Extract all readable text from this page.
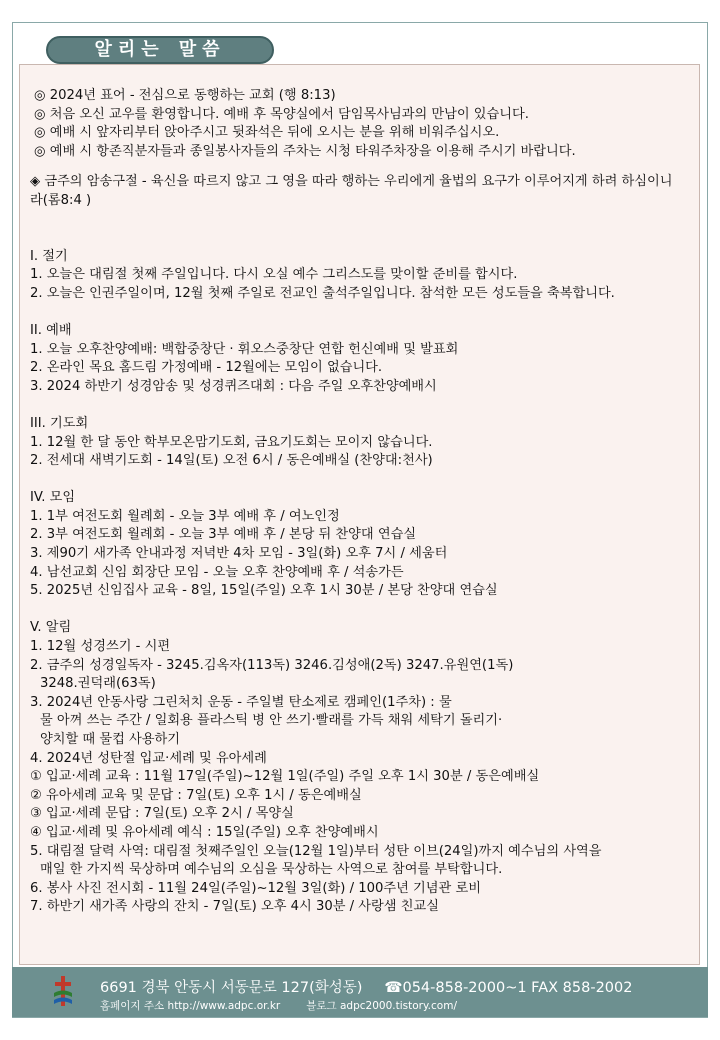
알리는 말씀
◎ 2024년 표어 - 전심으로 동행하는 교회 (행 8:13)
◎ 처음 오신 교우를 환영합니다. 예배 후 목양실에서 담임목사님과의 만남이 있습니다.
◎ 예배 시 앞자리부터 앉아주시고 뒷좌석은 뒤에 오시는 분을 위해 비워주십시오.
◎ 예배 시 항존직분자들과 종일봉사자들의 주차는 시청 타워주차장을 이용해 주시기 바랍니다.
◈ 금주의 암송구절 - 육신을 따르지 않고 그 영을 따라 행하는 우리에게 율법의 요구가 이루어지게 하려 하심이니라(롬8:4 )
I. 절기
1. 오늘은 대림절 첫째 주일입니다. 다시 오실 예수 그리스도를 맞이할 준비를 합시다.
2. 오늘은 인권주일이며, 12월 첫째 주일로 전교인 출석주일입니다. 참석한 모든 성도들을 축복합니다.
II. 예배
1. 오늘 오후찬양예배: 백합중창단 · 휘오스중창단 연합 헌신예배 및 발표회
2. 온라인 목요 홈드림 가정예배 - 12월에는 모임이 없습니다.
3. 2024 하반기 성경암송 및 성경퀴즈대회 : 다음 주일 오후찬양예배시
III. 기도회
1. 12월 한 달 동안 학부모온맘기도회, 금요기도회는 모이지 않습니다.
2. 전세대 새벽기도회 - 14일(토) 오전 6시 / 동은예배실 (찬양대:천사)
IV. 모임
1. 1부 여전도회 월례회 - 오늘 3부 예배 후 / 여노인정
2. 3부 여전도회 월례회 - 오늘 3부 예배 후 / 본당 뒤 찬양대 연습실
3. 제90기 새가족 안내과정 저녁반 4차 모임 - 3일(화) 오후 7시 / 세움터
4. 남선교회 신임 회장단 모임 - 오늘 오후 찬양예배 후 / 석송가든
5. 2025년 신임집사 교육 - 8일, 15일(주일) 오후 1시 30분 / 본당 찬양대 연습실
V. 알림
1. 12월 성경쓰기 - 시편
2. 금주의 성경일독자 - 3245.김옥자(113독) 3246.김성애(2독) 3247.유원연(1독)
3248.권덕래(63독)
3. 2024년 안동사랑 그린처치 운동 - 주일별 탄소제로 캠페인(1주차) : 물
물 아껴 쓰는 주간 / 일회용 플라스틱 병 안 쓰기·빨래를 가득 채워 세탁기 돌리기·
양치할 때 물컵 사용하기
4. 2024년 성탄절 입교·세례 및 유아세례
① 입교·세례 교육 : 11월 17일(주일)~12월 1일(주일) 주일 오후 1시 30분 / 동은예배실
② 유아세례 교육 및 문답 : 7일(토) 오후 1시 / 동은예배실
③ 입교·세례 문답 : 7일(토) 오후 2시 / 목양실
④ 입교·세례 및 유아세례 예식 : 15일(주일) 오후 찬양예배시
5. 대림절 달력 사역: 대림절 첫째주일인 오늘(12월 1일)부터 성탄 이브(24일)까지 예수님의 사역을
매일 한 가지씩 묵상하며 예수님의 오심을 묵상하는 사역으로 참여를 부탁합니다.
6. 봉사 사진 전시회 - 11월 24일(주일)~12월 3일(화) / 100주년 기념관 로비
7. 하반기 새가족 사랑의 잔치 - 7일(토) 오후 4시 30분 / 사랑샘 친교실
6691 경북 안동시 서동문로 127(화성동) ☎054-858-2000~1 FAX 858-2002
홈페이지 주소 http://www.adpc.or.kr 블로그 adpc2000.tistory.com/
